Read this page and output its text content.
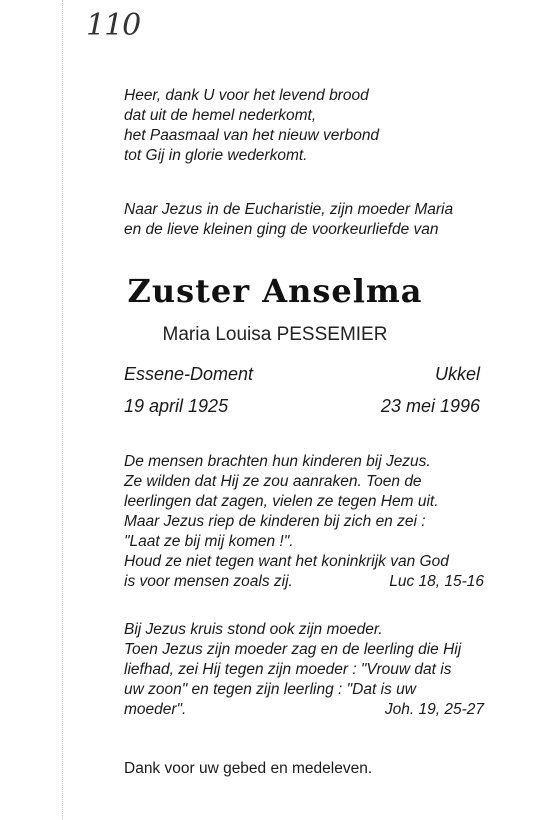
110
Heer, dank U voor het levend brood
dat uit de hemel nederkomt,
het Paasmaal van het nieuw verbond
tot Gij in glorie wederkomt.
Naar Jezus in de Eucharistie, zijn moeder Maria
en de lieve kleinen ging de voorkeurliefde van
Zuster Anselma
Maria Louisa PESSEMIER
Essene-Doment	Ukkel
19 april 1925	23 mei 1996
De mensen brachten hun kinderen bij Jezus.
Ze wilden dat Hij ze zou aanraken. Toen de
leerlingen dat zagen, vielen ze tegen Hem uit.
Maar Jezus riep de kinderen bij zich en zei :
"Laat ze bij mij komen !".
Houd ze niet tegen want het koninkrijk van God
is voor mensen zoals zij.	Luc 18, 15-16
Bij Jezus kruis stond ook zijn moeder.
Toen Jezus zijn moeder zag en de leerling die Hij
liefhad, zei Hij tegen zijn moeder : "Vrouw dat is
uw zoon" en tegen zijn leerling : "Dat is uw
moeder".	Joh. 19, 25-27
Dank voor uw gebed en medeleven.
